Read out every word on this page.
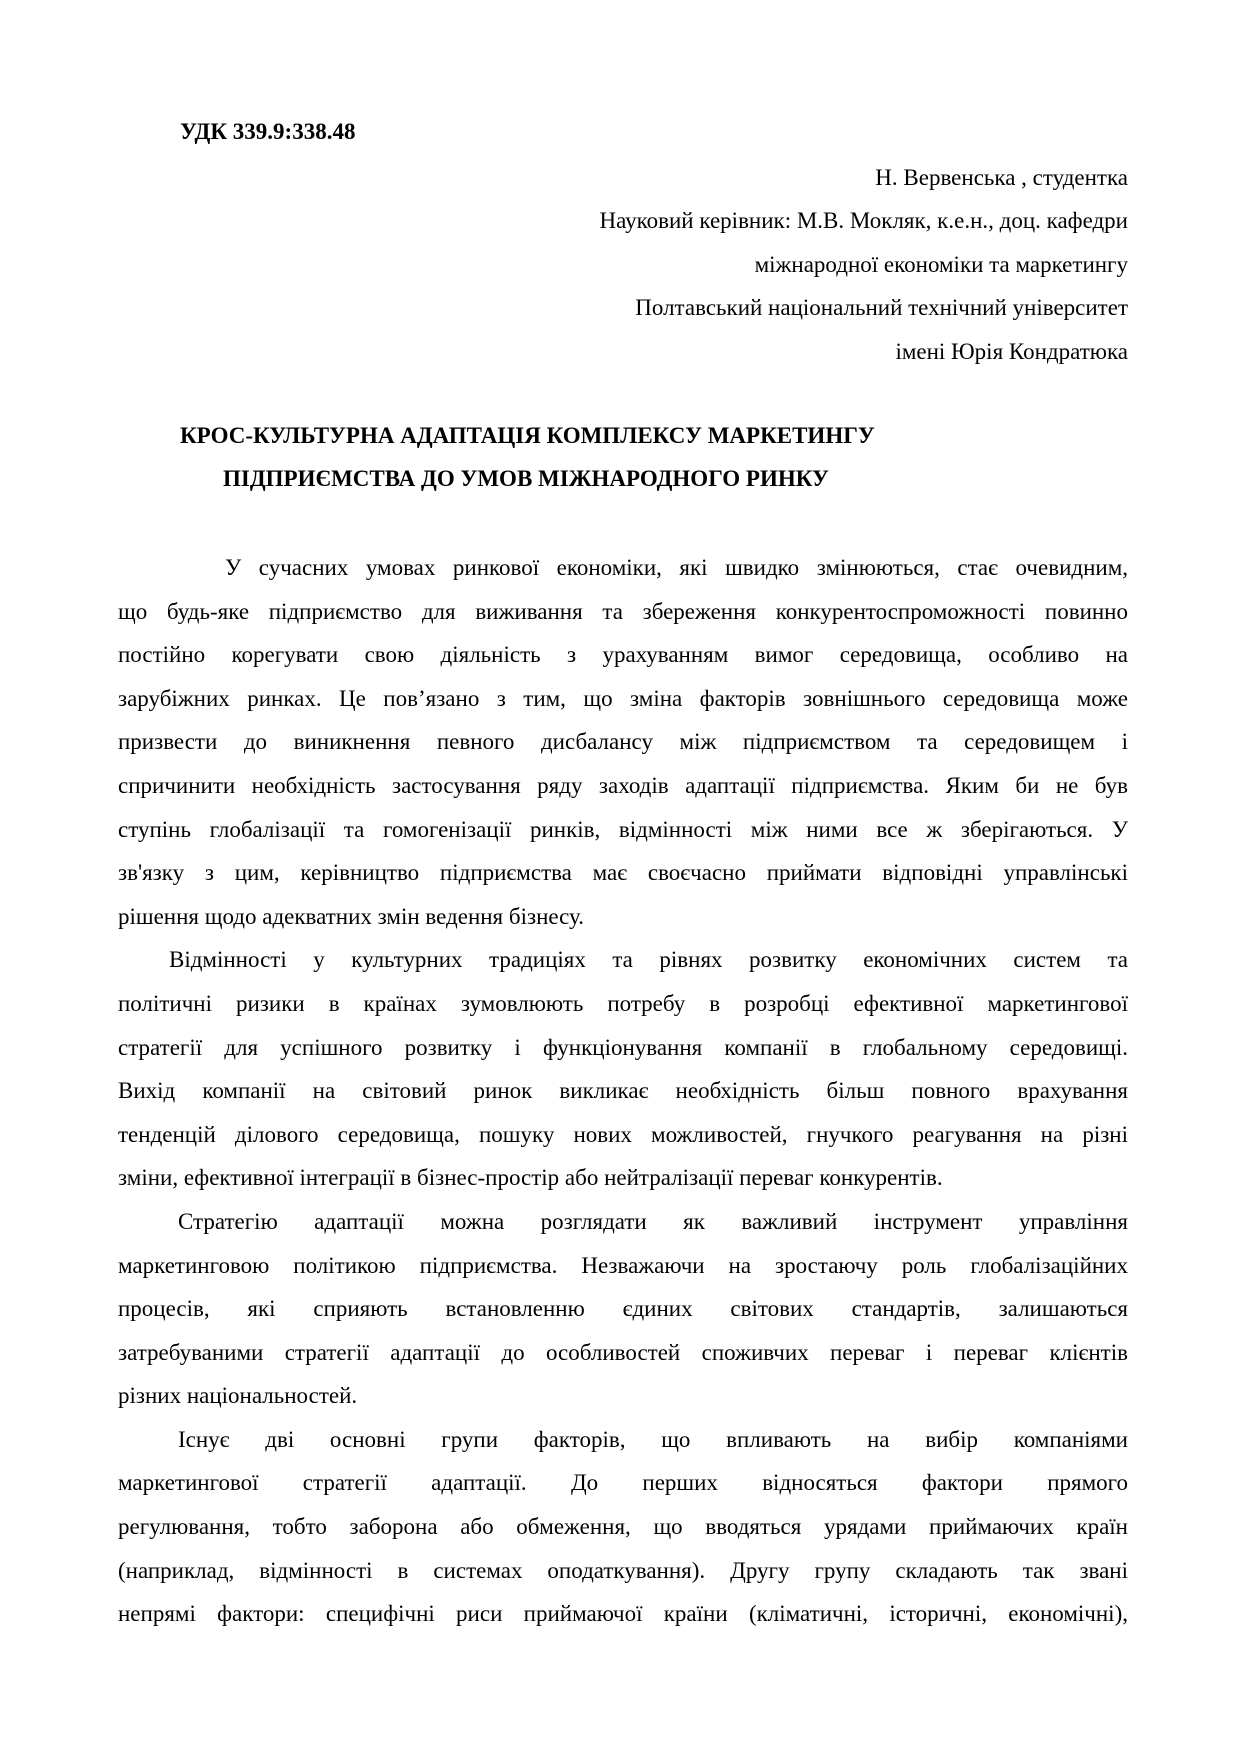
УДК 339.9:338.48
Н. Вервенська , студентка
Науковий керівник: М.В. Мокляк, к.е.н., доц. кафедри
міжнародної економіки та маркетингу
Полтавський національний технічний університет
імені Юрія Кондратюка
КРОС-КУЛЬТУРНА АДАПТАЦІЯ КОМПЛЕКСУ МАРКЕТИНГУ
ПІДПРИЄМСТВА ДО УМОВ МІЖНАРОДНОГО РИНКУ
У сучасних умовах ринкової економіки, які швидко змінюються, стає очевидним,
що будь-яке підприємство для виживання та збереження конкурентоспроможності повинно
постійно корегувати свою діяльність з урахуванням вимог середовища, особливо на
зарубіжних ринках. Це пов’язано з тим, що зміна факторів зовнішнього середовища може
призвести до виникнення певного дисбалансу між підприємством та середовищем і
спричинити необхідність застосування ряду заходів адаптації підприємства. Яким би не був
ступінь глобалізації та гомогенізації ринків, відмінності між ними все ж зберігаються. У
зв'язку з цим, керівництво підприємства має своєчасно приймати відповідні управлінські
рішення щодо адекватних змін ведення бізнесу.
Відмінності у культурних традиціях та рівнях розвитку економічних систем та
політичні ризики в країнах зумовлюють потребу в розробці ефективної маркетингової
стратегії для успішного розвитку і функціонування компанії в глобальному середовищі.
Вихід компанії на світовий ринок викликає необхідність більш повного врахування
тенденцій ділового середовища, пошуку нових можливостей, гнучкого реагування на різні
зміни, ефективної інтеграції в бізнес-простір або нейтралізації переваг конкурентів.
Стратегію адаптації можна розглядати як важливий інструмент управління
маркетинговою політикою підприємства. Незважаючи на зростаючу роль глобалізаційних
процесів, які сприяють встановленню єдиних світових стандартів, залишаються
затребуваними стратегії адаптації до особливостей споживчих переваг і переваг клієнтів
різних національностей.
Існує дві основні групи факторів, що впливають на вибір компаніями
маркетингової стратегії адаптації. До перших відносяться фактори прямого
регулювання, тобто заборона або обмеження, що вводяться урядами приймаючих країн
(наприклад, відмінності в системах оподаткування). Другу групу складають так звані
непрямі фактори: специфічні риси приймаючої країни (кліматичні, історичні, економічні),
